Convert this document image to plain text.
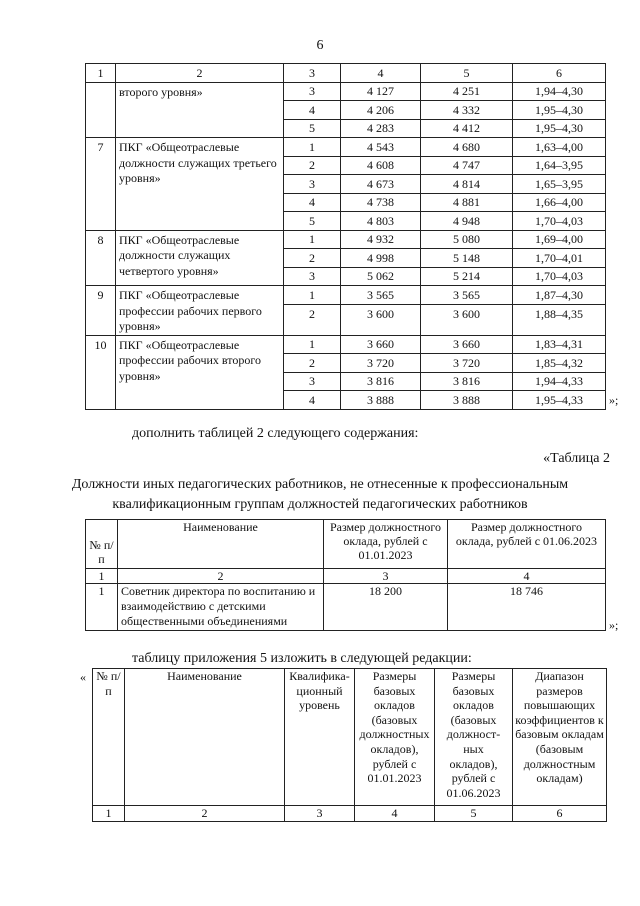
6
1	2	3	4	5	6
	второго уровня»	3	4 127	4 251	1,94–4,30
		4	4 206	4 332	1,95–4,30
		5	4 283	4 412	1,95–4,30
7	ПКГ «Общеотраслевые должности служащих третьего уровня»	1	4 543	4 680	1,63–4,00
		2	4 608	4 747	1,64–3,95
		3	4 673	4 814	1,65–3,95
		4	4 738	4 881	1,66–4,00
		5	4 803	4 948	1,70–4,03
8	ПКГ «Общеотраслевые должности служащих четвертого уровня»	1	4 932	5 080	1,69–4,00
		2	4 998	5 148	1,70–4,01
		3	5 062	5 214	1,70–4,03
9	ПКГ «Общеотраслевые профессии рабочих первого уровня»	1	3 565	3 565	1,87–4,30
		2	3 600	3 600	1,88–4,35
10	ПКГ «Общеотраслевые профессии рабочих второго уровня»	1	3 660	3 660	1,83–4,31
		2	3 720	3 720	1,85–4,32
		3	3 816	3 816	1,94–4,33
		4	3 888	3 888	1,95–4,33 »;
дополнить таблицей 2 следующего содержания:
«Таблица 2
Должности иных педагогических работников, не отнесенные к профессиональным
квалификационным группам должностей педагогических работников
№ п/п	Наименование	Размер должностного оклада, рублей с 01.01.2023	Размер должностного оклада, рублей с 01.06.2023
1	2	3	4
1	Советник директора по воспитанию и взаимодействию с детскими общественными объединениями	18 200	18 746
»;
таблицу приложения 5 изложить в следующей редакции:
« № п/п	Наименование	Квалифика-ционный уровень	Размеры базовых окладов (базовых должностных окладов), рублей с 01.01.2023	Размеры базовых окладов (базовых должност-ных окладов), рублей с 01.06.2023	Диапазон размеров повышающих коэффициентов к базовым окладам (базовым должностным окладам)
1	2	3	4	5	6
